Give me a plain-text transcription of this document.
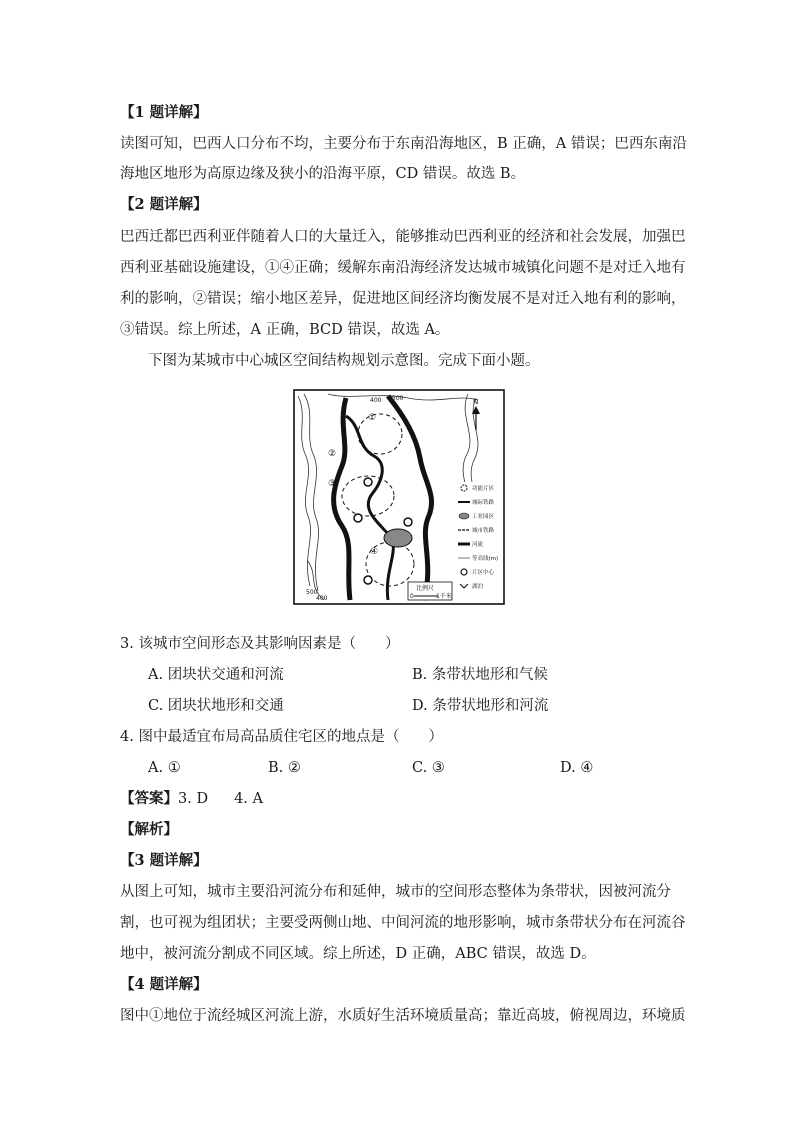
【1 题详解】
读图可知，巴西人口分布不均，主要分布于东南沿海地区，B 正确，A 错误；巴西东南沿
海地区地形为高原边缘及狭小的沿海平原，CD 错误。故选 B。
【2 题详解】
巴西迁都巴西利亚伴随着人口的大量迁入，能够推动巴西利亚的经济和社会发展，加强巴
西利亚基础设施建设，①④正确；缓解东南沿海经济发达城市城镇化问题不是对迁入地有
利的影响，②错误；缩小地区差异，促进地区间经济均衡发展不是对迁入地有利的影响，
③错误。综上所述，A 正确，BCD 错误，故选 A。
下图为某城市中心城区空间结构规划示意图。完成下面小题。
①
②
③
④
400 500
500
400
N
功能片区
城际铁路
工业园区
城市铁路
河流
等高线(m)
片区中心
湖泊
比例尺
0	1千米
3. 该城市空间形态及其影响因素是（　　）
A. 团块状交通和河流	B. 条带状地形和气候
C. 团块状地形和交通	D. 条带状地形和河流
4. 图中最适宜布局高品质住宅区的地点是（　　）
A. ①	B. ②	C. ③	D. ④
【答案】3. D 4. A
【解析】
【3 题详解】
从图上可知，城市主要沿河流分布和延伸，城市的空间形态整体为条带状，因被河流分
割，也可视为组团状；主要受两侧山地、中间河流的地形影响，城市条带状分布在河流谷
地中，被河流分割成不同区域。综上所述，D 正确，ABC 错误，故选 D。
【4 题详解】
图中①地位于流经城区河流上游，水质好生活环境质量高；靠近高坡，俯视周边，环境质
